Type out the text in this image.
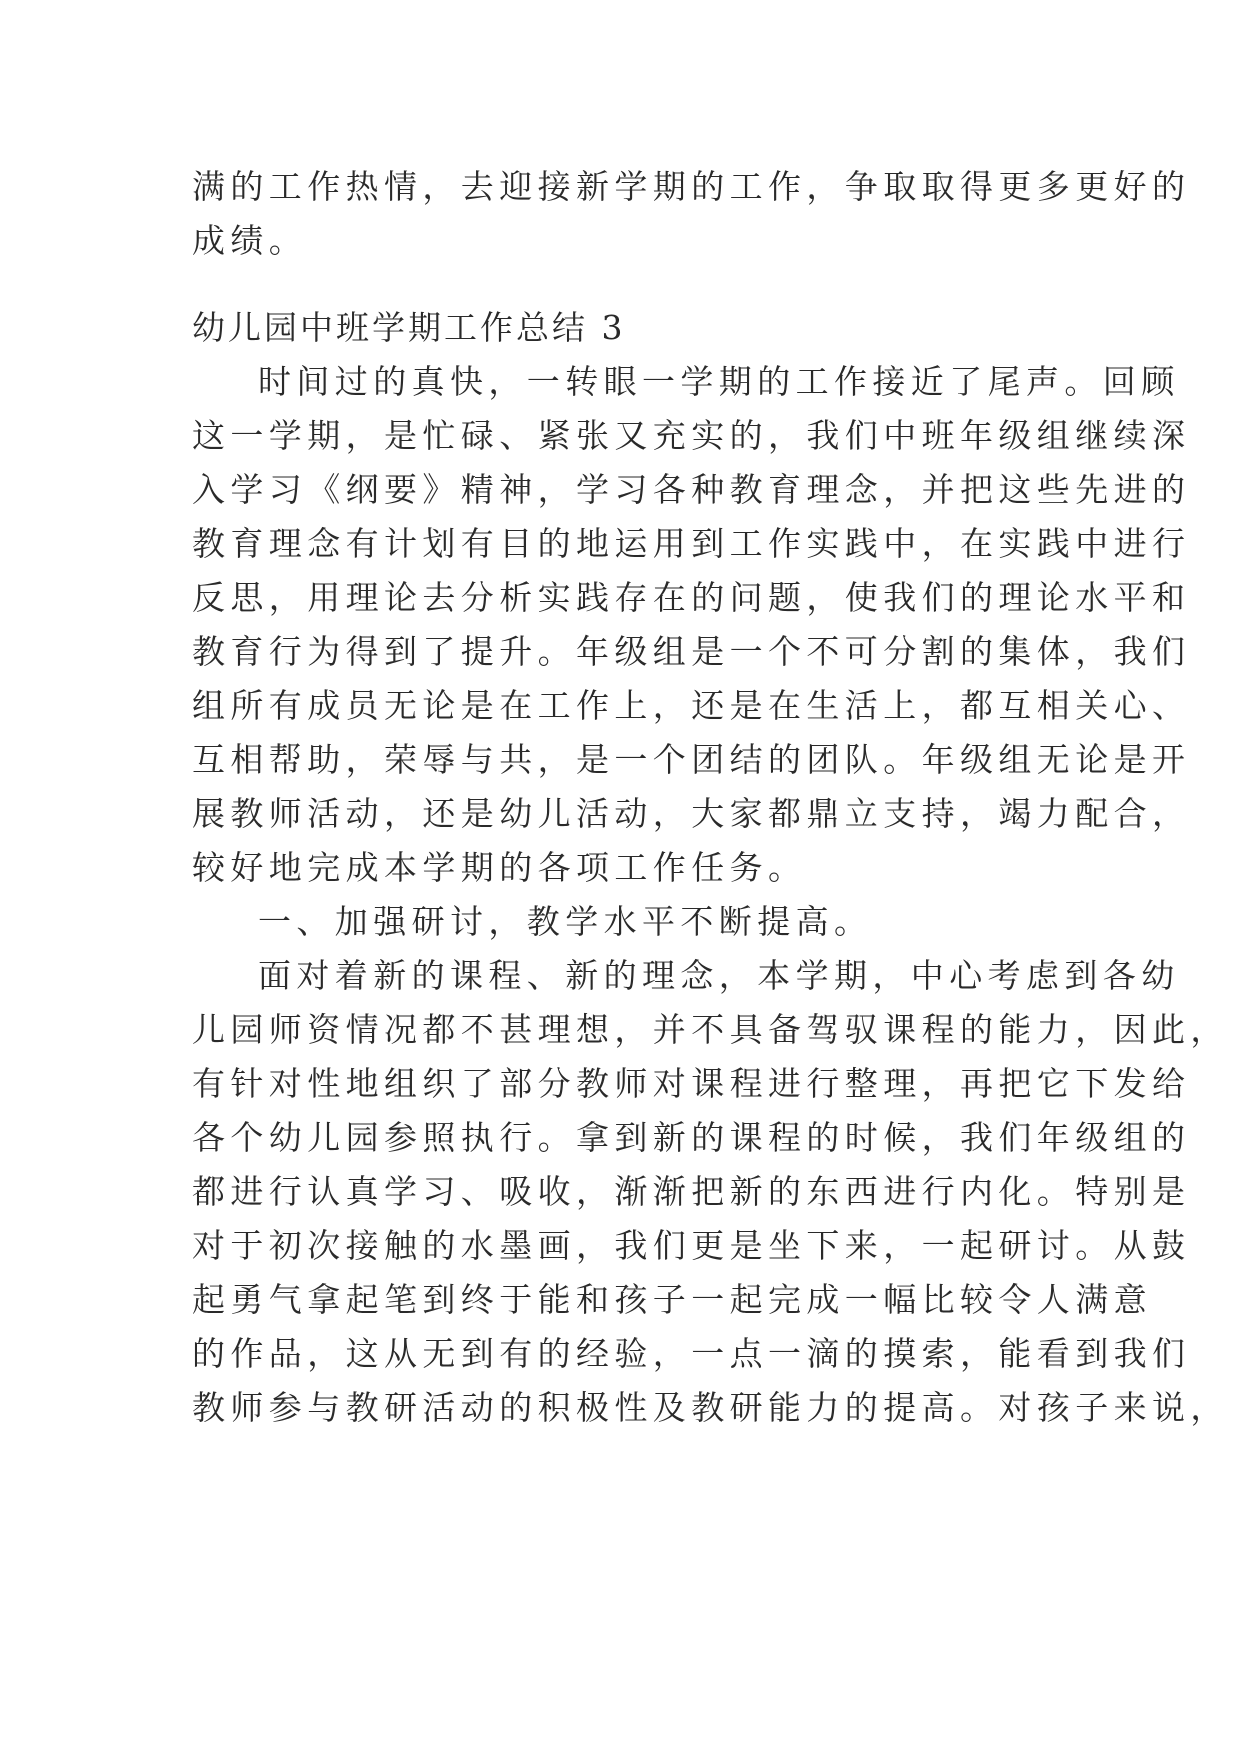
满的工作热情，去迎接新学期的工作，争取取得更多更好的
成绩。
幼儿园中班学期工作总结 3
时间过的真快，一转眼一学期的工作接近了尾声。回顾
这一学期，是忙碌、紧张又充实的，我们中班年级组继续深
入学习《纲要》精神，学习各种教育理念，并把这些先进的
教育理念有计划有目的地运用到工作实践中，在实践中进行
反思，用理论去分析实践存在的问题，使我们的理论水平和
教育行为得到了提升。年级组是一个不可分割的集体，我们
组所有成员无论是在工作上，还是在生活上，都互相关心、
互相帮助，荣辱与共，是一个团结的团队。年级组无论是开
展教师活动，还是幼儿活动，大家都鼎立支持，竭力配合，
较好地完成本学期的各项工作任务。
一、加强研讨，教学水平不断提高。
面对着新的课程、新的理念，本学期，中心考虑到各幼
儿园师资情况都不甚理想，并不具备驾驭课程的能力，因此，
有针对性地组织了部分教师对课程进行整理，再把它下发给
各个幼儿园参照执行。拿到新的课程的时候，我们年级组的
都进行认真学习、吸收，渐渐把新的东西进行内化。特别是
对于初次接触的水墨画，我们更是坐下来，一起研讨。从鼓
起勇气拿起笔到终于能和孩子一起完成一幅比较令人满意
的作品，这从无到有的经验，一点一滴的摸索，能看到我们
教师参与教研活动的积极性及教研能力的提高。对孩子来说，
